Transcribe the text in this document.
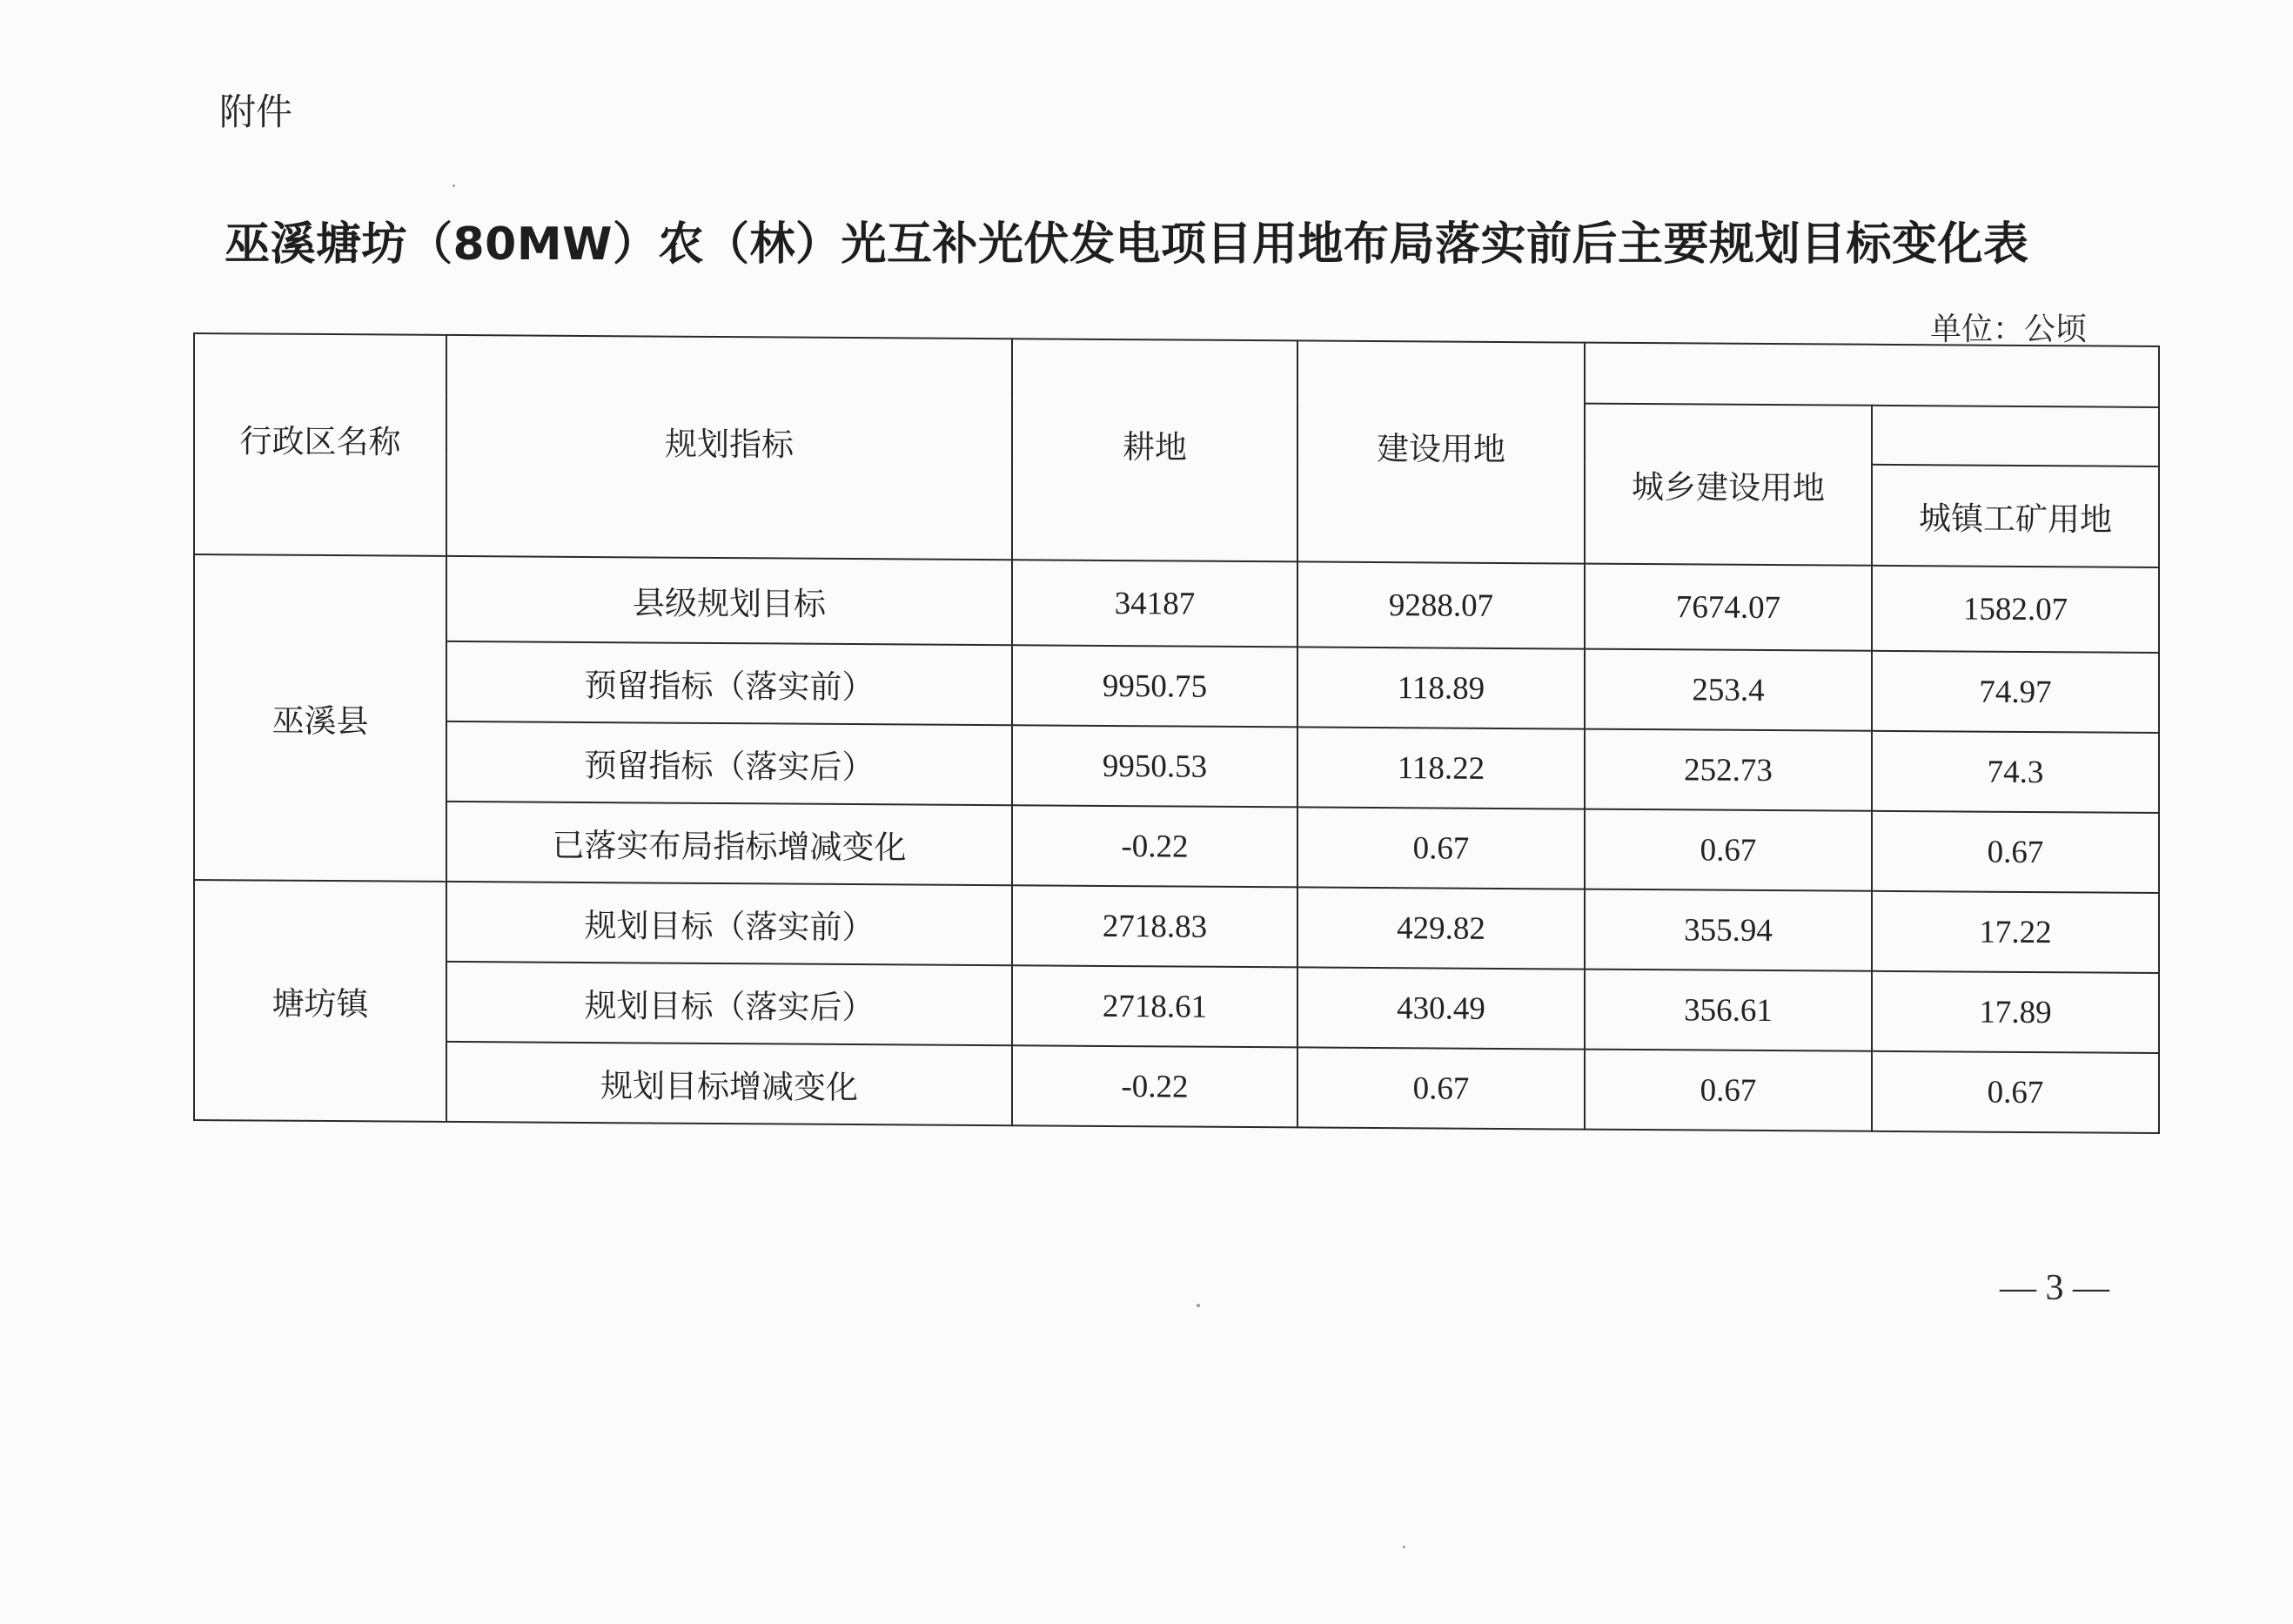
附件
巫溪塘坊（80MW）农（林）光互补光伏发电项目用地布局落实前后主要规划目标变化表
单位：公顷
行政区名称	规划指标	耕地	建设用地		
				城乡建设用地	
					城镇工矿用地
巫溪县	县级规划目标	34187	9288.07	7674.07	1582.07
	预留指标（落实前）	9950.75	118.89	253.4	74.97
	预留指标（落实后）	9950.53	118.22	252.73	74.3
	已落实布局指标增减变化	-0.22	0.67	0.67	0.67
塘坊镇	规划目标（落实前）	2718.83	429.82	355.94	17.22
	规划目标（落实后）	2718.61	430.49	356.61	17.89
	规划目标增减变化	-0.22	0.67	0.67	0.67
— 3 —
